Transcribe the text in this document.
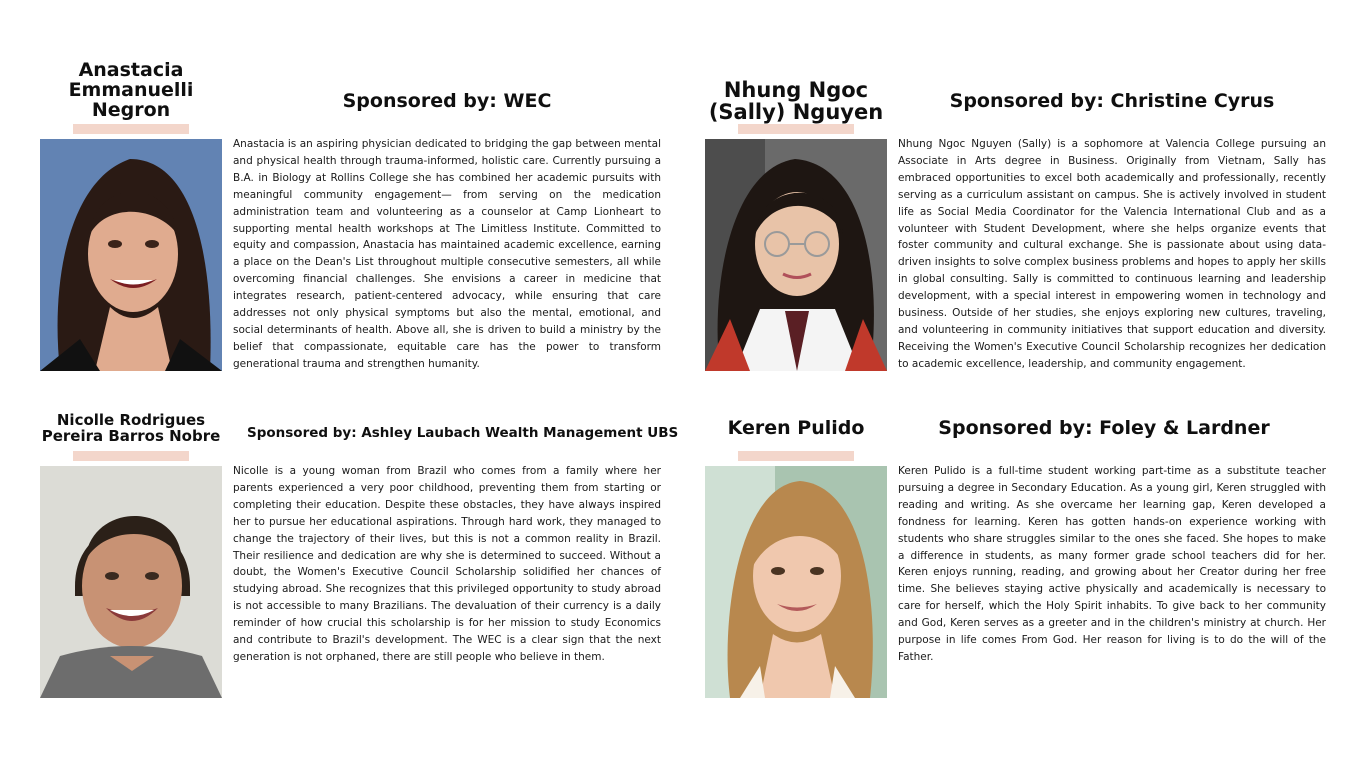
Anastacia
Emmanuelli
Negron	Sponsored by: WEC

Anastacia is an aspiring physician dedicated to bridging the gap between mental and physical health through trauma-informed, holistic care. Currently pursuing a B.A. in Biology at Rollins College she has combined her academic pursuits with meaningful community engagement— from serving on the medication administration team and volunteering as a counselor at Camp Lionheart to supporting mental health workshops at The Limitless Institute. Committed to equity and compassion, Anastacia has maintained academic excellence, earning a place on the Dean's List throughout multiple consecutive semesters, all while overcoming financial challenges. She envisions a career in medicine that integrates research, patient-centered advocacy, while ensuring that care addresses not only physical symptoms but also the mental, emotional, and social determinants of health. Above all, she is driven to build a ministry by the belief that compassionate, equitable care has the power to transform generational trauma and strengthen humanity.

Nhung Ngoc
(Sally) Nguyen	Sponsored by: Christine Cyrus

Nhung Ngoc Nguyen (Sally) is a sophomore at Valencia College pursuing an Associate in Arts degree in Business. Originally from Vietnam, Sally has embraced opportunities to excel both academically and professionally, recently serving as a curriculum assistant on campus. She is actively involved in student life as Social Media Coordinator for the Valencia International Club and as a volunteer with Student Development, where she helps organize events that foster community and cultural exchange. She is passionate about using data-driven insights to solve complex business problems and hopes to apply her skills in global consulting. Sally is committed to continuous learning and leadership development, with a special interest in empowering women in technology and business. Outside of her studies, she enjoys exploring new cultures, traveling, and volunteering in community initiatives that support education and diversity. Receiving the Women's Executive Council Scholarship recognizes her dedication to academic excellence, leadership, and community engagement.

Nicolle Rodrigues
Pereira Barros Nobre	Sponsored by: Ashley Laubach Wealth Management UBS

Nicolle is a young woman from Brazil who comes from a family where her parents experienced a very poor childhood, preventing them from starting or completing their education. Despite these obstacles, they have always inspired her to pursue her educational aspirations. Through hard work, they managed to change the trajectory of their lives, but this is not a common reality in Brazil. Their resilience and dedication are why she is determined to succeed. Without a doubt, the Women's Executive Council Scholarship solidified her chances of studying abroad. She recognizes that this privileged opportunity to study abroad is not accessible to many Brazilians. The devaluation of their currency is a daily reminder of how crucial this scholarship is for her mission to study Economics and contribute to Brazil's development. The WEC is a clear sign that the next generation is not orphaned, there are still people who believe in them.

Keren Pulido	Sponsored by: Foley & Lardner

Keren Pulido is a full-time student working part-time as a substitute teacher pursuing a degree in Secondary Education. As a young girl, Keren struggled with reading and writing. As she overcame her learning gap, Keren developed a fondness for learning. Keren has gotten hands-on experience working with students who share struggles similar to the ones she faced. She hopes to make a difference in students, as many former grade school teachers did for her. Keren enjoys running, reading, and growing about her Creator during her free time. She believes staying active physically and academically is necessary to care for herself, which the Holy Spirit inhabits. To give back to her community and God, Keren serves as a greeter and in the children's ministry at church. Her purpose in life comes From God. Her reason for living is to do the will of the Father.
